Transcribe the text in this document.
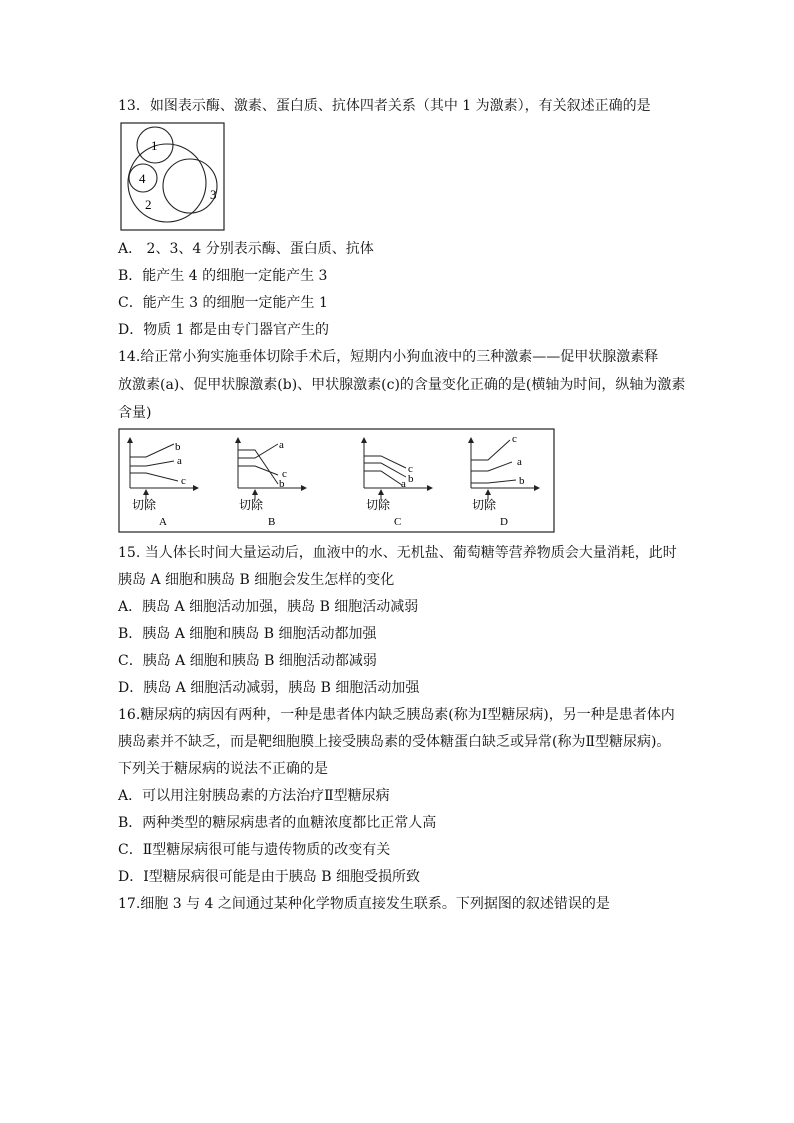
13．如图表示酶、激素、蛋白质、抗体四者关系（其中 1 为激素），有关叙述正确的是
1
2
3
4
A． 2、3、4 分别表示酶、蛋白质、抗体
B．能产生 4 的细胞一定能产生 3
C．能产生 3 的细胞一定能产生 1
D．物质 1 都是由专门器官产生的
14.给正常小狗实施垂体切除手术后，短期内小狗血液中的三种激素——促甲状腺激素释
放激素(a)、促甲状腺激素(b)、甲状腺激素(c)的含量变化正确的是(横轴为时间，纵轴为激素
含量)
b
a
c
切除
A
a
c
b
切除
B
c
b
a
切除
C
c
a
b
切除
D
15. 当人体长时间大量运动后，血液中的水、无机盐、葡萄糖等营养物质会大量消耗，此时
胰岛 A 细胞和胰岛 B 细胞会发生怎样的变化
A．胰岛 A 细胞活动加强，胰岛 B 细胞活动减弱
B．胰岛 A 细胞和胰岛 B 细胞活动都加强
C．胰岛 A 细胞和胰岛 B 细胞活动都减弱
D．胰岛 A 细胞活动减弱，胰岛 B 细胞活动加强
16.糖尿病的病因有两种，一种是患者体内缺乏胰岛素(称为Ⅰ型糖尿病)，另一种是患者体内
胰岛素并不缺乏，而是靶细胞膜上接受胰岛素的受体糖蛋白缺乏或异常(称为Ⅱ型糖尿病)。
下列关于糖尿病的说法不正确的是
A．可以用注射胰岛素的方法治疗Ⅱ型糖尿病
B．两种类型的糖尿病患者的血糖浓度都比正常人高
C．Ⅱ型糖尿病很可能与遗传物质的改变有关
D．Ⅰ型糖尿病很可能是由于胰岛 B 细胞受损所致
17.细胞 3 与 4 之间通过某种化学物质直接发生联系。下列据图的叙述错误的是
